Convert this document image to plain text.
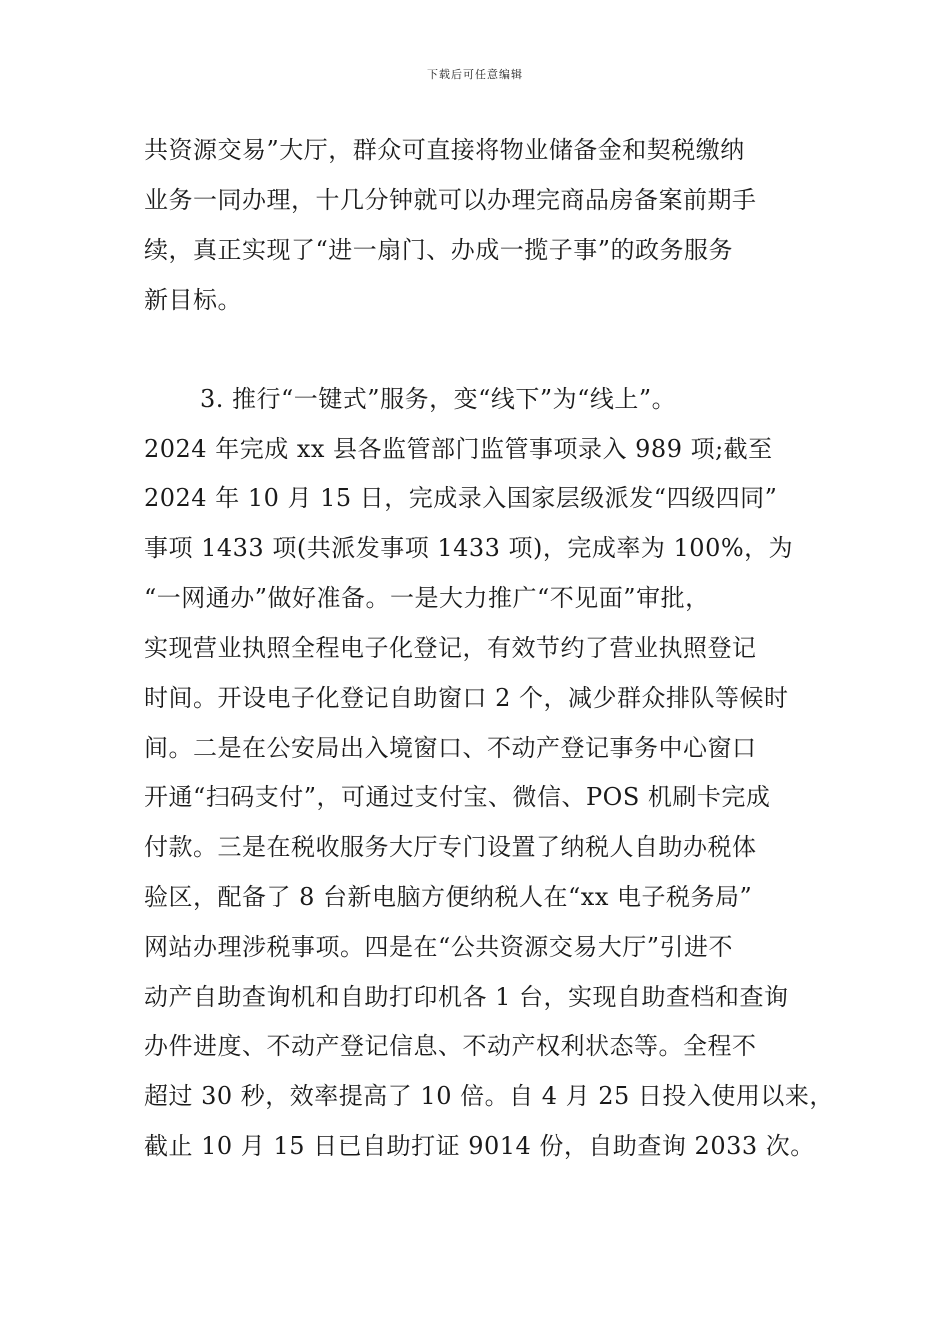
下载后可任意编辑
共资源交易”大厅，群众可直接将物业储备金和契税缴纳
业务一同办理，十几分钟就可以办理完商品房备案前期手
续，真正实现了“进一扇门、办成一揽子事”的政务服务
新目标。
3. 推行“一键式”服务，变“线下”为“线上”。
2024 年完成 xx 县各监管部门监管事项录入 989 项;截至
2024 年 10 月 15 日，完成录入国家层级派发“四级四同”
事项 1433 项(共派发事项 1433 项)，完成率为 100%，为
“一网通办”做好准备。一是大力推广“不见面”审批，
实现营业执照全程电子化登记，有效节约了营业执照登记
时间。开设电子化登记自助窗口 2 个，减少群众排队等候时
间。二是在公安局出入境窗口、不动产登记事务中心窗口
开通“扫码支付”，可通过支付宝、微信、POS 机刷卡完成
付款。三是在税收服务大厅专门设置了纳税人自助办税体
验区，配备了 8 台新电脑方便纳税人在“xx 电子税务局”
网站办理涉税事项。四是在“公共资源交易大厅”引进不
动产自助查询机和自助打印机各 1 台，实现自助查档和查询
办件进度、不动产登记信息、不动产权利状态等。全程不
超过 30 秒，效率提高了 10 倍。自 4 月 25 日投入使用以来，
截止 10 月 15 日已自助打证 9014 份，自助查询 2033 次。
